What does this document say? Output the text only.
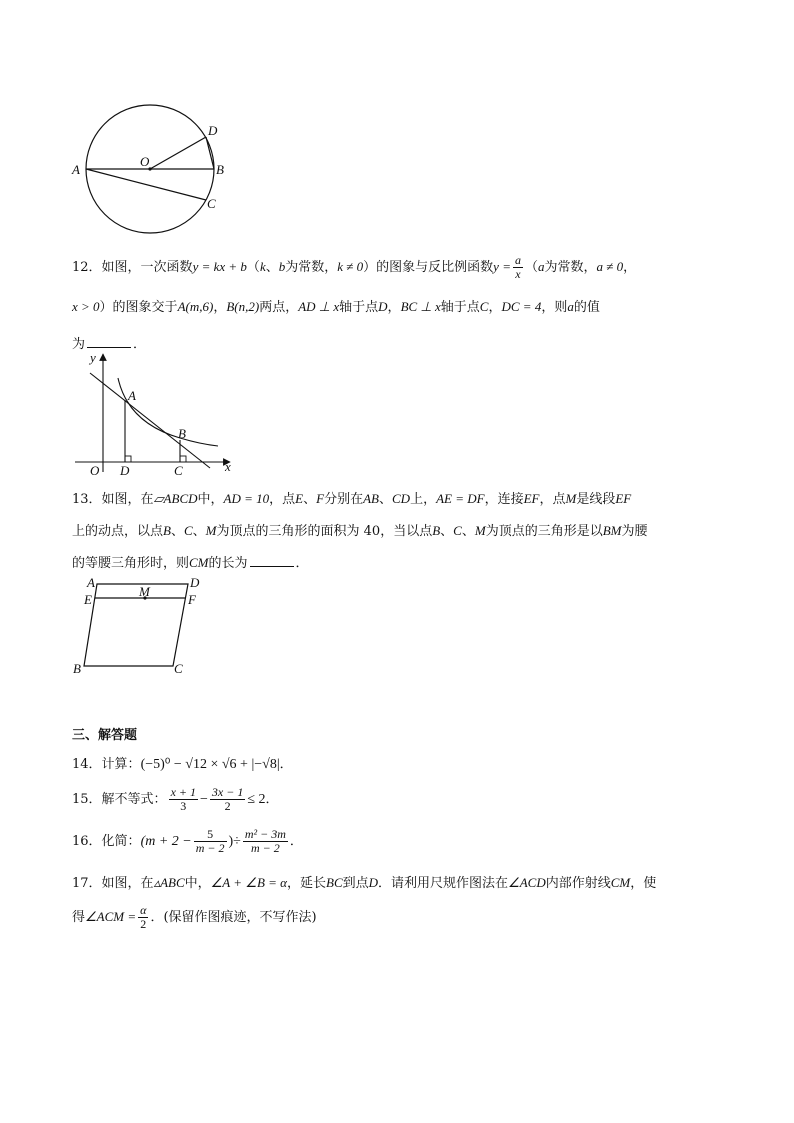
A	B
C
D
O
12．如图，一次函数y = kx + b（k、b为常数，k ≠ 0）的图象与反比例函数$y = \frac{a}{x} (a$为常数，a ≠ 0，
x > 0）的图象交于A(m,6)，B(n,2)两点，AD ⊥ x轴于点D，BC ⊥ x轴于点C，DC = 4，则a的值
为	．
y
x
O
A
B
D	C
13．如图，在▱ABCD中，AD = 10，点E、F分别在AB、CD上，AE = DF，连接EF，点M是线段EF
上的动点，以点B、C、M为顶点的三角形的面积为 40，当以点B、C、M为顶点的三角形是以BM为腰
的等腰三角形时，则CM的长为	．
A	D
E	F
M
B	C
三、解答题
14．计算：(−5)⁰ − √12 × √6 + |−√8|．
15．解不等式： $\frac{x + 1}{3} - \frac{3x - 1}{2} \le 2$．
16．化简：($m + 2 - \frac{5}{m - 2}$ )÷ $\frac{\text{m² − 3m}}{m - 2}$ ．
17．如图，在▵ABC中，∠A + ∠B = α，延长BC到点D．请利用尺规作图法在∠ACD内部作射线CM，使
得∠ACM = $\frac{\alpha}{2}$ ．(保留作图痕迹，不写作法)
